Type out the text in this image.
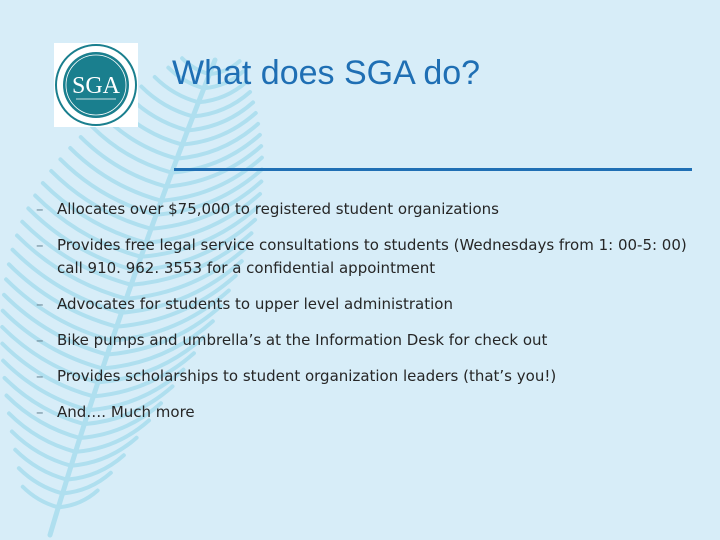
SGA What does SGA do?
– Allocates over $75,000 to registered student organizations
– Provides free legal service consultations to students (Wednesdays from 1: 00-5: 00) call 910. 962. 3553 for a confidential appointment
– Advocates for students to upper level administration
– Bike pumps and umbrella’s at the Information Desk for check out
– Provides scholarships to student organization leaders (that’s you!)
– And…. Much more
